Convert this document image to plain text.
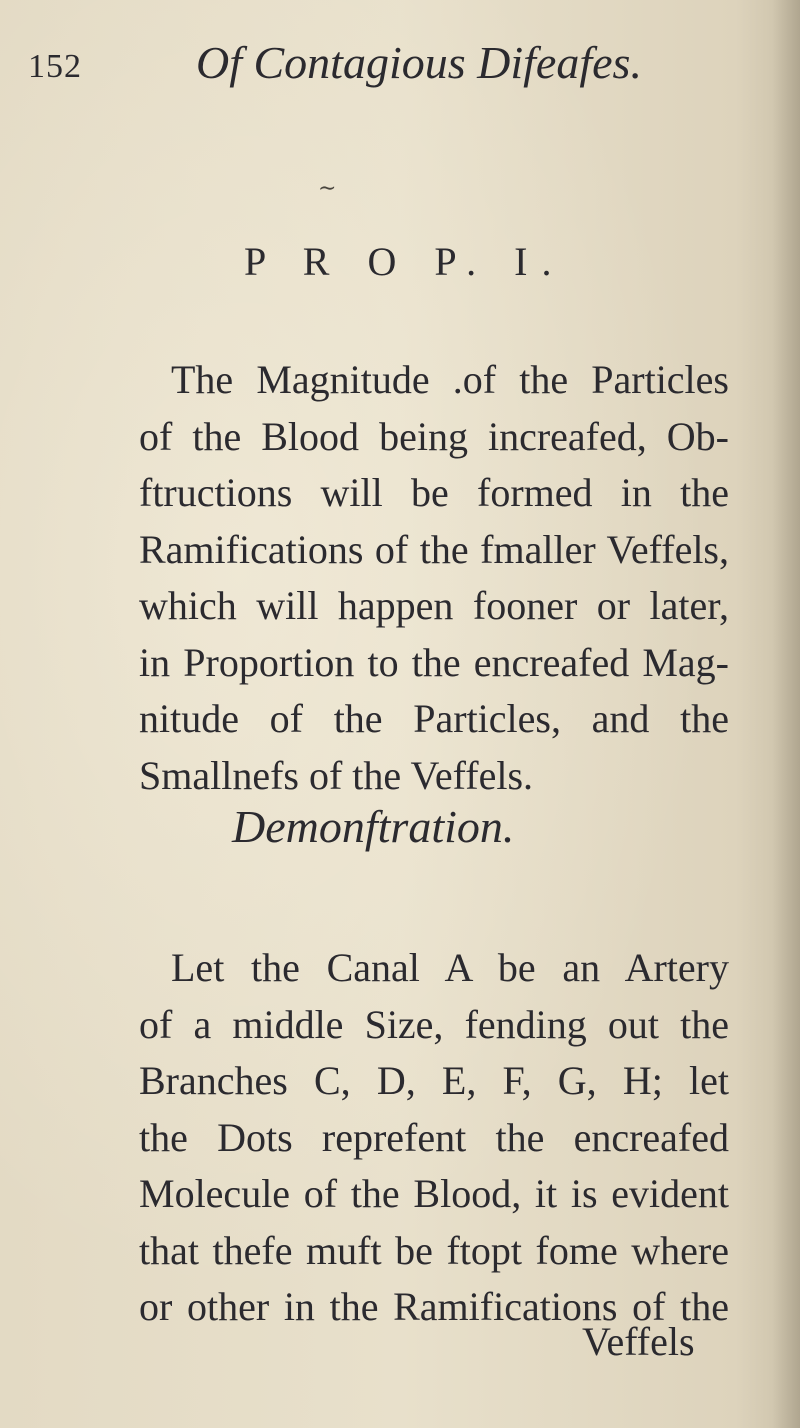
152 Of Contagious Difeafes.
∼
P R O P. I.
The Magnitude .of the Particles
of the Blood being increafed, Ob-
ftructions will be formed in the
Ramifications of the fmaller Veffels,
which will happen fooner or later,
in Proportion to the encreafed Mag-
nitude of the Particles, and the
Smallnefs of the Veffels.
Demonftration.
Let the Canal A be an Artery
of a middle Size, fending out the
Branches C, D, E, F, G, H; let
the Dots reprefent the encreafed
Molecule of the Blood, it is evident
that thefe muft be ftopt fome where
or other in the Ramifications of the
Veffels
